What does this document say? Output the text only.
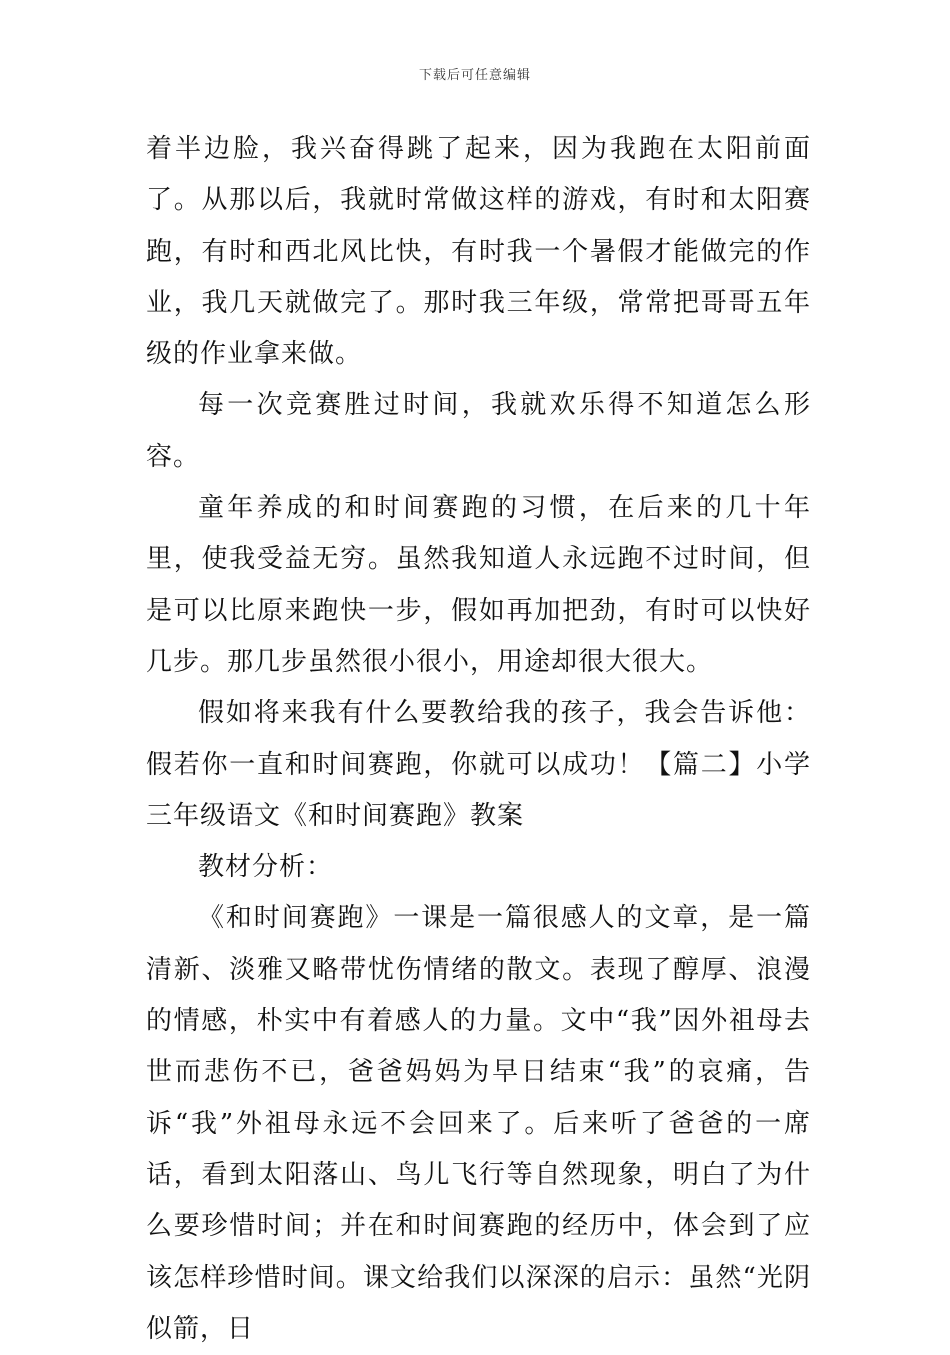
下载后可任意编辑

着半边脸，我兴奋得跳了起来，因为我跑在太阳前面了。从那以后，我就时常做这样的游戏，有时和太阳赛跑，有时和西北风比快，有时我一个暑假才能做完的作业，我几天就做完了。那时我三年级，常常把哥哥五年级的作业拿来做。

每一次竞赛胜过时间，我就欢乐得不知道怎么形容。

童年养成的和时间赛跑的习惯，在后来的几十年里，使我受益无穷。虽然我知道人永远跑不过时间，但是可以比原来跑快一步，假如再加把劲，有时可以快好几步。那几步虽然很小很小，用途却很大很大。

假如将来我有什么要教给我的孩子，我会告诉他：假若你一直和时间赛跑，你就可以成功！【篇二】小学三年级语文《和时间赛跑》教案

教材分析：

《和时间赛跑》一课是一篇很感人的文章，是一篇清新、淡雅又略带忧伤情绪的散文。表现了醇厚、浪漫的情感，朴实中有着感人的力量。文中“我”因外祖母去世而悲伤不已，爸爸妈妈为早日结束“我”的哀痛，告诉“我”外祖母永远不会回来了。后来听了爸爸的一席话，看到太阳落山、鸟儿飞行等自然现象，明白了为什么要珍惜时间；并在和时间赛跑的经历中，体会到了应该怎样珍惜时间。课文给我们以深深的启示：虽然“光阴似箭，日
